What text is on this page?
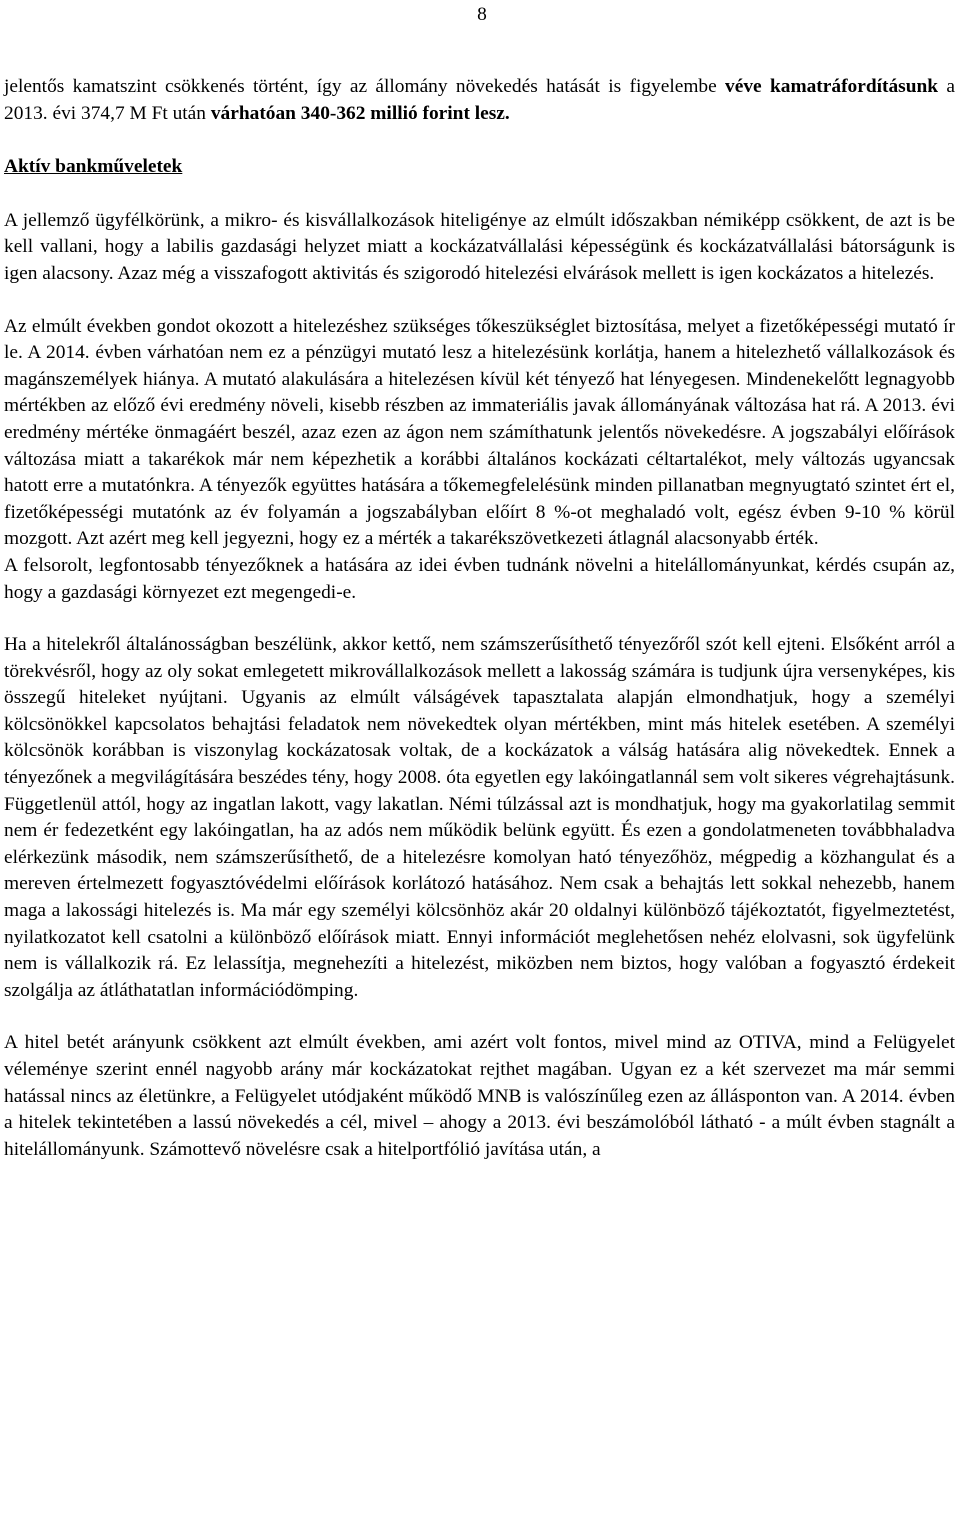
8

jelentős kamatszint csökkenés történt, így az állomány növekedés hatását is figyelembe véve kamatráfordításunk a 2013. évi 374,7 M Ft után várhatóan 340-362 millió forint lesz.

Aktív bankműveletek

A jellemző ügyfélkörünk, a mikro- és kisvállalkozások hiteligénye az elmúlt időszakban némiképp csökkent, de azt is be kell vallani, hogy a labilis gazdasági helyzet miatt a kockázatvállalási képességünk és kockázatvállalási bátorságunk is igen alacsony. Azaz még a visszafogott aktivitás és szigorodó hitelezési elvárások mellett is igen kockázatos a hitelezés.

Az elmúlt években gondot okozott a hitelezéshez szükséges tőkeszükséglet biztosítása, melyet a fizetőképességi mutató ír le. A 2014. évben várhatóan nem ez a pénzügyi mutató lesz a hitelezésünk korlátja, hanem a hitelezhető vállalkozások és magánszemélyek hiánya. A mutató alakulására a hitelezésen kívül két tényező hat lényegesen. Mindenekelőtt legnagyobb mértékben az előző évi eredmény növeli, kisebb részben az immateriális javak állományának változása hat rá. A 2013. évi eredmény mértéke önmagáért beszél, azaz ezen az ágon nem számíthatunk jelentős növekedésre. A jogszabályi előírások változása miatt a takarékok már nem képezhetik a korábbi általános kockázati céltartalékot, mely változás ugyancsak hatott erre a mutatónkra. A tényezők együttes hatására a tőkemegfelelésünk minden pillanatban megnyugtató szintet ért el, fizetőképességi mutatónk az év folyamán a jogszabályban előírt 8 %-ot meghaladó volt, egész évben 9-10 % körül mozgott. Azt azért meg kell jegyezni, hogy ez a mérték a takarékszövetkezeti átlagnál alacsonyabb érték.

A felsorolt, legfontosabb tényezőknek a hatására az idei évben tudnánk növelni a hitelállományunkat, kérdés csupán az, hogy a gazdasági környezet ezt megengedi-e.

Ha a hitelekről általánosságban beszélünk, akkor kettő, nem számszerűsíthető tényezőről szót kell ejteni. Elsőként arról a törekvésről, hogy az oly sokat emlegetett mikrovállalkozások mellett a lakosság számára is tudjunk újra versenyképes, kis összegű hiteleket nyújtani. Ugyanis az elmúlt válságévek tapasztalata alapján elmondhatjuk, hogy a személyi kölcsönökkel kapcsolatos behajtási feladatok nem növekedtek olyan mértékben, mint más hitelek esetében. A személyi kölcsönök korábban is viszonylag kockázatosak voltak, de a kockázatok a válság hatására alig növekedtek. Ennek a tényezőnek a megvilágítására beszédes tény, hogy 2008. óta egyetlen egy lakóingatlannál sem volt sikeres végrehajtásunk. Függetlenül attól, hogy az ingatlan lakott, vagy lakatlan. Némi túlzással azt is mondhatjuk, hogy ma gyakorlatilag semmit nem ér fedezetként egy lakóingatlan, ha az adós nem működik belünk együtt. És ezen a gondolatmeneten továbbhaladva elérkezünk második, nem számszerűsíthető, de a hitelezésre komolyan ható tényezőhöz, mégpedig a közhangulat és a mereven értelmezett fogyasztóvédelmi előírások korlátozó hatásához. Nem csak a behajtás lett sokkal nehezebb, hanem maga a lakossági hitelezés is. Ma már egy személyi kölcsönhöz akár 20 oldalnyi különböző tájékoztatót, figyelmeztetést, nyilatkozatot kell csatolni a különböző előírások miatt. Ennyi információt meglehetősen nehéz elolvasni, sok ügyfelünk nem is vállalkozik rá. Ez lelassítja, megnehezíti a hitelezést, miközben nem biztos, hogy valóban a fogyasztó érdekeit szolgálja az átláthatatlan információdömping.

A hitel betét arányunk csökkent azt elmúlt években, ami azért volt fontos, mivel mind az OTIVA, mind a Felügyelet véleménye szerint ennél nagyobb arány már kockázatokat rejthet magában. Ugyan ez a két szervezet ma már semmi hatással nincs az életünkre, a Felügyelet utódjaként működő MNB is valószínűleg ezen az állásponton van. A 2014. évben a hitelek tekintetében a lassú növekedés a cél, mivel – ahogy a 2013. évi beszámolóból látható - a múlt évben stagnált a hitelállományunk. Számottevő növelésre csak a hitelportfólió javítása után, a
